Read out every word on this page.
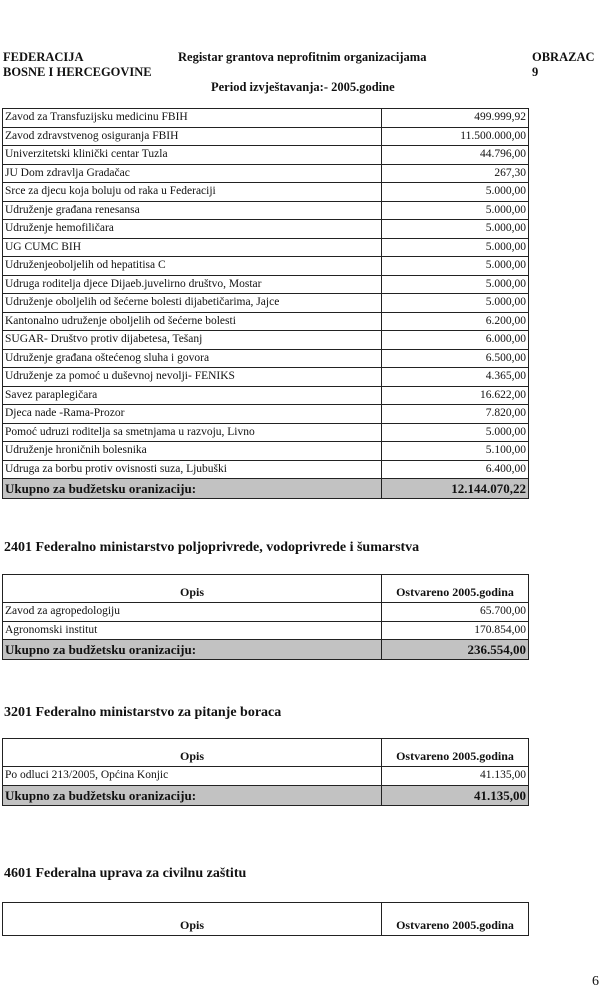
FEDERACIJA
BOSNE I HERCEGOVINE
Registar grantova neprofitnim organizacijama	OBRAZAC 9
Period izvještavanja:- 2005.godine
Zavod za Transfuzijsku medicinu FBIH	499.999,92
Zavod zdravstvenog osiguranja FBIH	11.500.000,00
Univerzitetski klinički centar Tuzla	44.796,00
JU Dom zdravlja Gradačac	267,30
Srce za djecu koja boluju od raka u Federaciji	5.000,00
Udruženje građana renesansa	5.000,00
Udruženje hemofiličara	5.000,00
UG CUMC BIH	5.000,00
Udruženjeoboljelih od hepatitisa C	5.000,00
Udruga roditelja djece Dijaeb.juvelirno društvo, Mostar	5.000,00
Udruženje oboljelih od šećerne bolesti dijabetičarima, Jajce	5.000,00
Kantonalno udruženje oboljelih od šećerne bolesti	6.200,00
SUGAR- Društvo protiv dijabetesa, Tešanj	6.000,00
Udruženje građana oštećenog sluha i govora	6.500,00
Udruženje za pomoć u duševnoj nevolji- FENIKS	4.365,00
Savez paraplegičara	16.622,00
Djeca nade -Rama-Prozor	7.820,00
Pomoć udruzi roditelja sa smetnjama u razvoju, Livno	5.000,00
Udruženje hroničnih bolesnika	5.100,00
Udruga za borbu protiv ovisnosti suza, Ljubuški	6.400,00
Ukupno za budžetsku oranizaciju:	12.144.070,22
2401 Federalno ministarstvo poljoprivrede, vodoprivrede i šumarstva
Opis	Ostvareno 2005.godina
Zavod za agropedologiju	65.700,00
Agronomski institut	170.854,00
Ukupno za budžetsku oranizaciju:	236.554,00
3201 Federalno ministarstvo za pitanje boraca
Opis	Ostvareno 2005.godina
Po odluci 213/2005, Općina Konjic	41.135,00
Ukupno za budžetsku oranizaciju:	41.135,00
4601 Federalna uprava za civilnu zaštitu
Opis	Ostvareno 2005.godina
6
